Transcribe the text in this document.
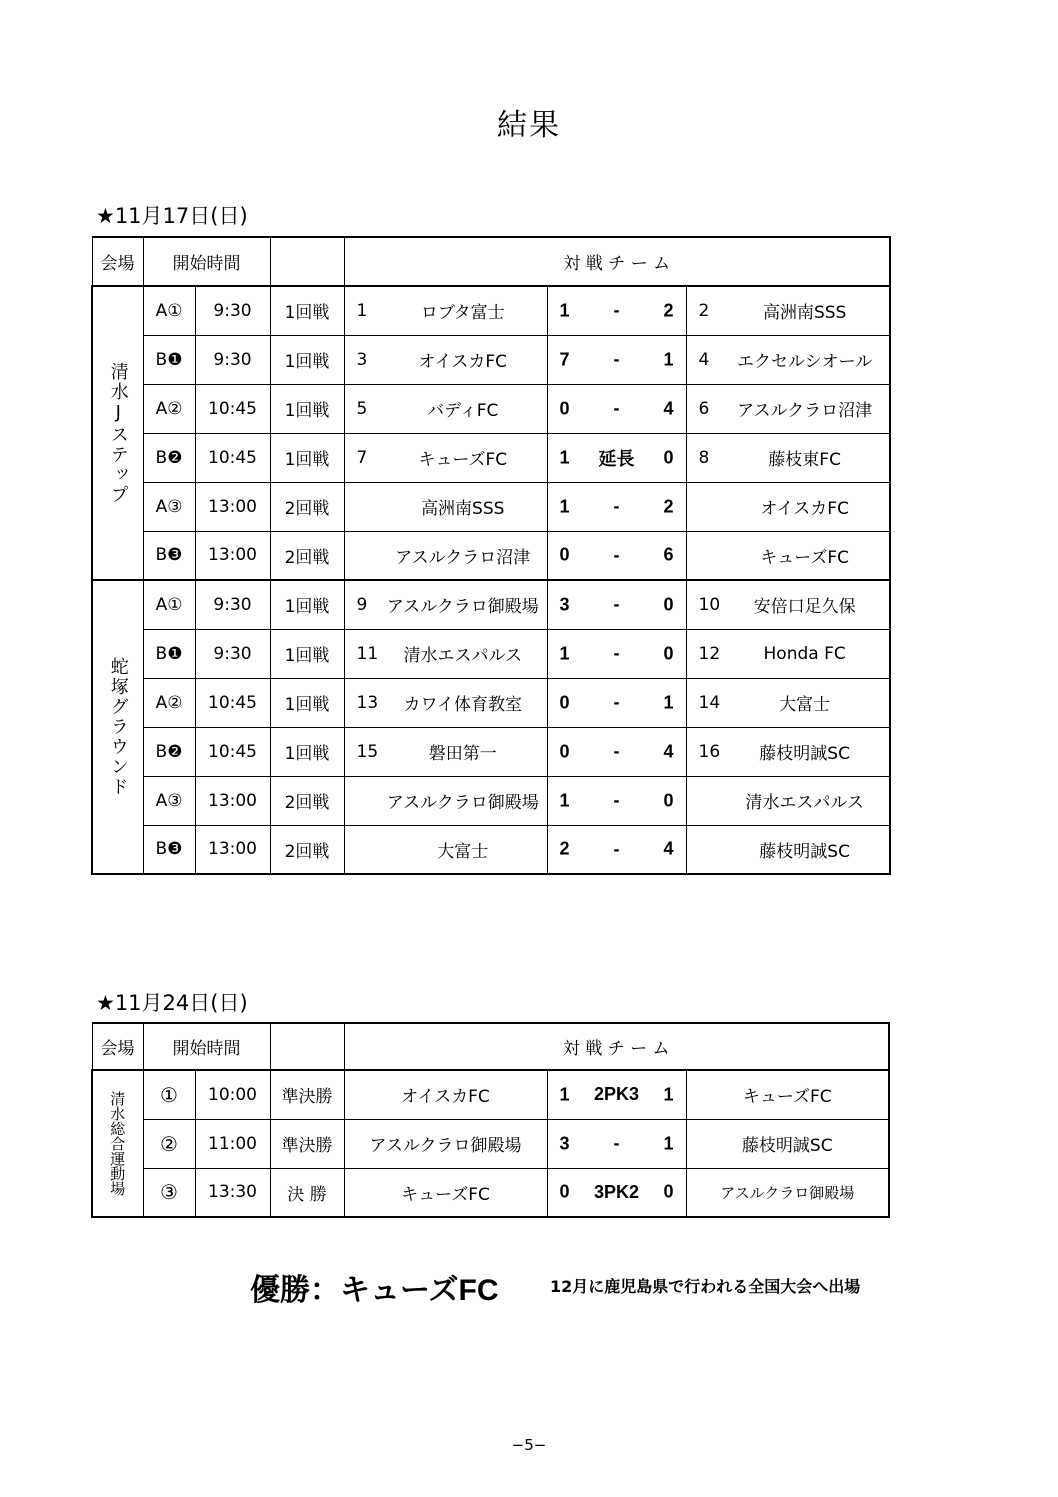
結果
★11月17日(日)
会場	開始時間			対 戦 チ ー ム				
清水Jステップ	A①	9:30	1回戦	1	ロブタ富士	1 - 2	2	高洲南SSS
	B❶	9:30	1回戦	3	オイスカFC	7 - 1	4	エクセルシオール
	A②	10:45	1回戦	5	バディFC	0 - 4	6	アスルクラロ沼津
	B❷	10:45	1回戦	7	キューズFC	1 延長 0	8	藤枝東FC
	A③	13:00	2回戦		高洲南SSS	1 - 2		オイスカFC
	B❸	13:00	2回戦		アスルクラロ沼津	0 - 6		キューズFC
蛇塚グラウンド	A①	9:30	1回戦	9	アスルクラロ御殿場	3 - 0	10	安倍口足久保
	B❶	9:30	1回戦	11	清水エスパルス	1 - 0	12	Honda FC
	A②	10:45	1回戦	13	カワイ体育教室	0 - 1	14	大富士
	B❷	10:45	1回戦	15	磐田第一	0 - 4	16	藤枝明誠SC
	A③	13:00	2回戦		アスルクラロ御殿場	1 - 0		清水エスパルス
	B❸	13:00	2回戦		大富士	2 - 4		藤枝明誠SC
★11月24日(日)
会場	開始時間			対 戦 チ ー ム		
清水総合運動場	①	10:00	準決勝	オイスカFC	1 2PK3 1	キューズFC
	②	11:00	準決勝	アスルクラロ御殿場	3 - 1	藤枝明誠SC
	③	13:30	決 勝	キューズFC	0 3PK2 0	アスルクラロ御殿場
優勝：キューズFC	12月に鹿児島県で行われる全国大会へ出場
−5−
